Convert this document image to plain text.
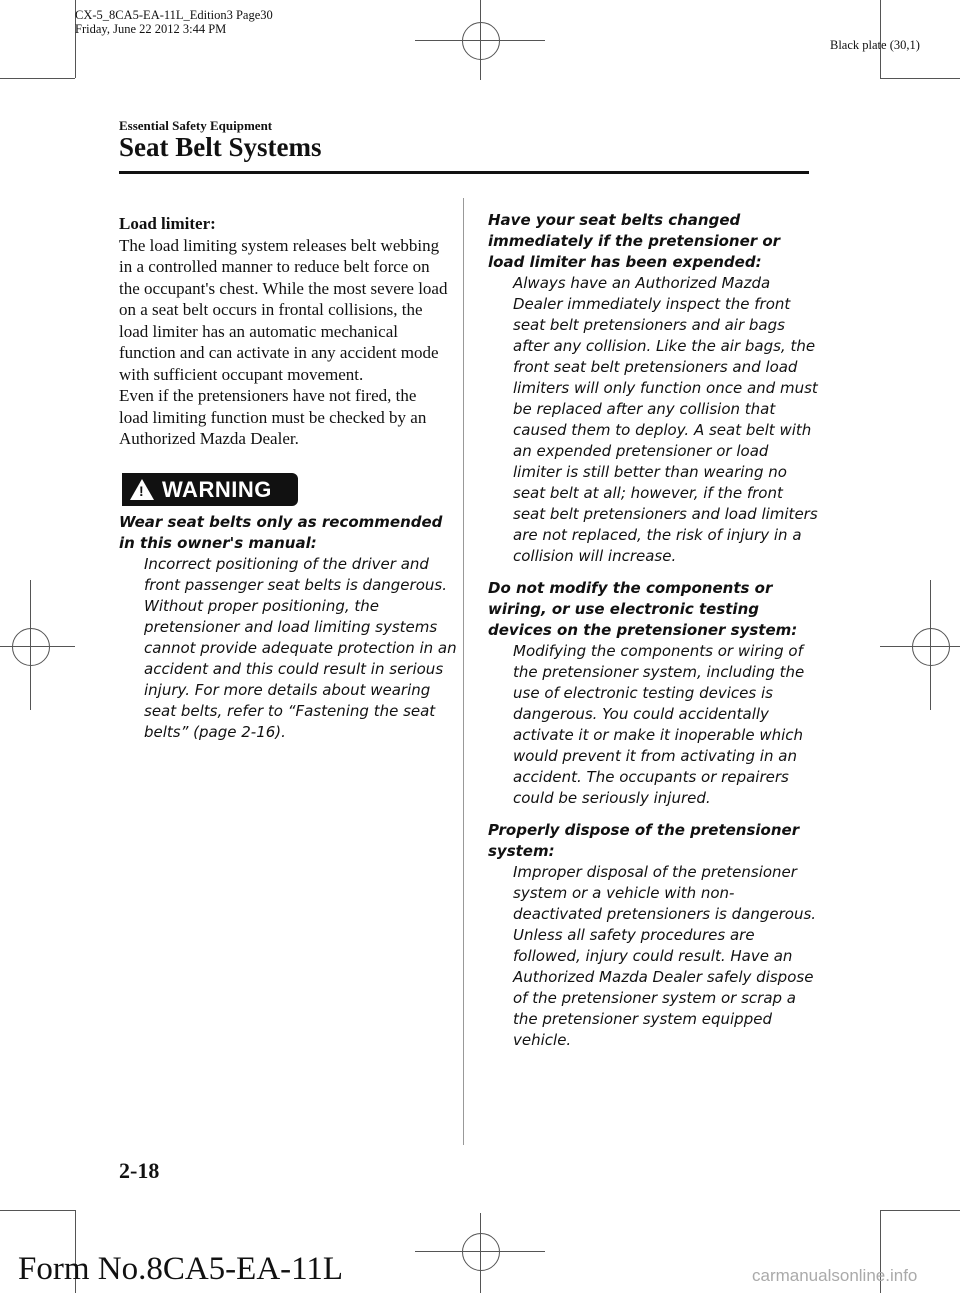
CX-5_8CA5-EA-11L_Edition3 Page30
Friday, June 22 2012 3:44 PM
Black plate (30,1)
Essential Safety Equipment
Seat Belt Systems

Load limiter:

The load limiting system releases belt webbing in a controlled manner to reduce belt force on the occupant's chest. While the most severe load on a seat belt occurs in frontal collisions, the load limiter has an automatic mechanical function and can activate in any accident mode with sufficient occupant movement.

Even if the pretensioners have not fired, the load limiting function must be checked by an Authorized Mazda Dealer.

! WARNING

Wear seat belts only as recommended in this owner's manual:

Incorrect positioning of the driver and front passenger seat belts is dangerous. Without proper positioning, the pretensioner and load limiting systems cannot provide adequate protection in an accident and this could result in serious injury. For more details about wearing seat belts, refer to “Fastening the seat belts” (page 2-16).

Have your seat belts changed immediately if the pretensioner or load limiter has been expended:

Always have an Authorized Mazda Dealer immediately inspect the front seat belt pretensioners and air bags after any collision. Like the air bags, the front seat belt pretensioners and load limiters will only function once and must be replaced after any collision that caused them to deploy. A seat belt with an expended pretensioner or load limiter is still better than wearing no seat belt at all; however, if the front seat belt pretensioners and load limiters are not replaced, the risk of injury in a collision will increase.

Do not modify the components or wiring, or use electronic testing devices on the pretensioner system:

Modifying the components or wiring of the pretensioner system, including the use of electronic testing devices is dangerous. You could accidentally activate it or make it inoperable which would prevent it from activating in an accident. The occupants or repairers could be seriously injured.

Properly dispose of the pretensioner system:

Improper disposal of the pretensioner system or a vehicle with non-deactivated pretensioners is dangerous. Unless all safety procedures are followed, injury could result. Have an Authorized Mazda Dealer safely dispose of the pretensioner system or scrap a the pretensioner system equipped vehicle.

2-18
Form No.8CA5-EA-11L	carmanualsonline.info
